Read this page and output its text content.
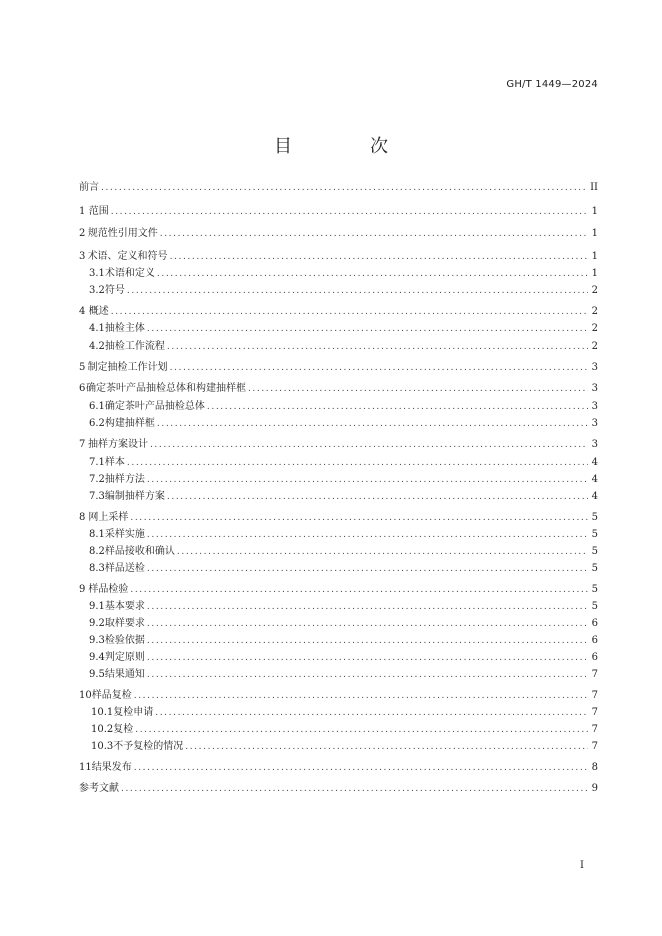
GH/T 1449—2024
目　次
前言 .....	II
1 范围 .....	1
2 规范性引用文件 .....	1
3 术语、定义和符号 .....	1
3.1 术语和定义 .....	1
3.2 符号 .....	2
4 概述 .....	2
4.1 抽检主体 .....	2
4.2 抽检工作流程 .....	2
5 制定抽检工作计划 .....	3
6 确定茶叶产品抽检总体和构建抽样框 .....	3
6.1 确定茶叶产品抽检总体 .....	3
6.2 构建抽样框 .....	3
7 抽样方案设计 .....	3
7.1 样本 .....	4
7.2 抽样方法 .....	4
7.3 编制抽样方案 .....	4
8 网上采样 .....	5
8.1 采样实施 .....	5
8.2 样品接收和确认 .....	5
8.3 样品送检 .....	5
9 样品检验 .....	5
9.1 基本要求 .....	5
9.2 取样要求 .....	6
9.3 检验依据 .....	6
9.4 判定原则 .....	6
9.5 结果通知 .....	7
10 样品复检 .....	7
10.1 复检申请 .....	7
10.2 复检 .....	7
10.3 不予复检的情况 .....	7
11 结果发布 .....	8
参考文献 .....	9
I
